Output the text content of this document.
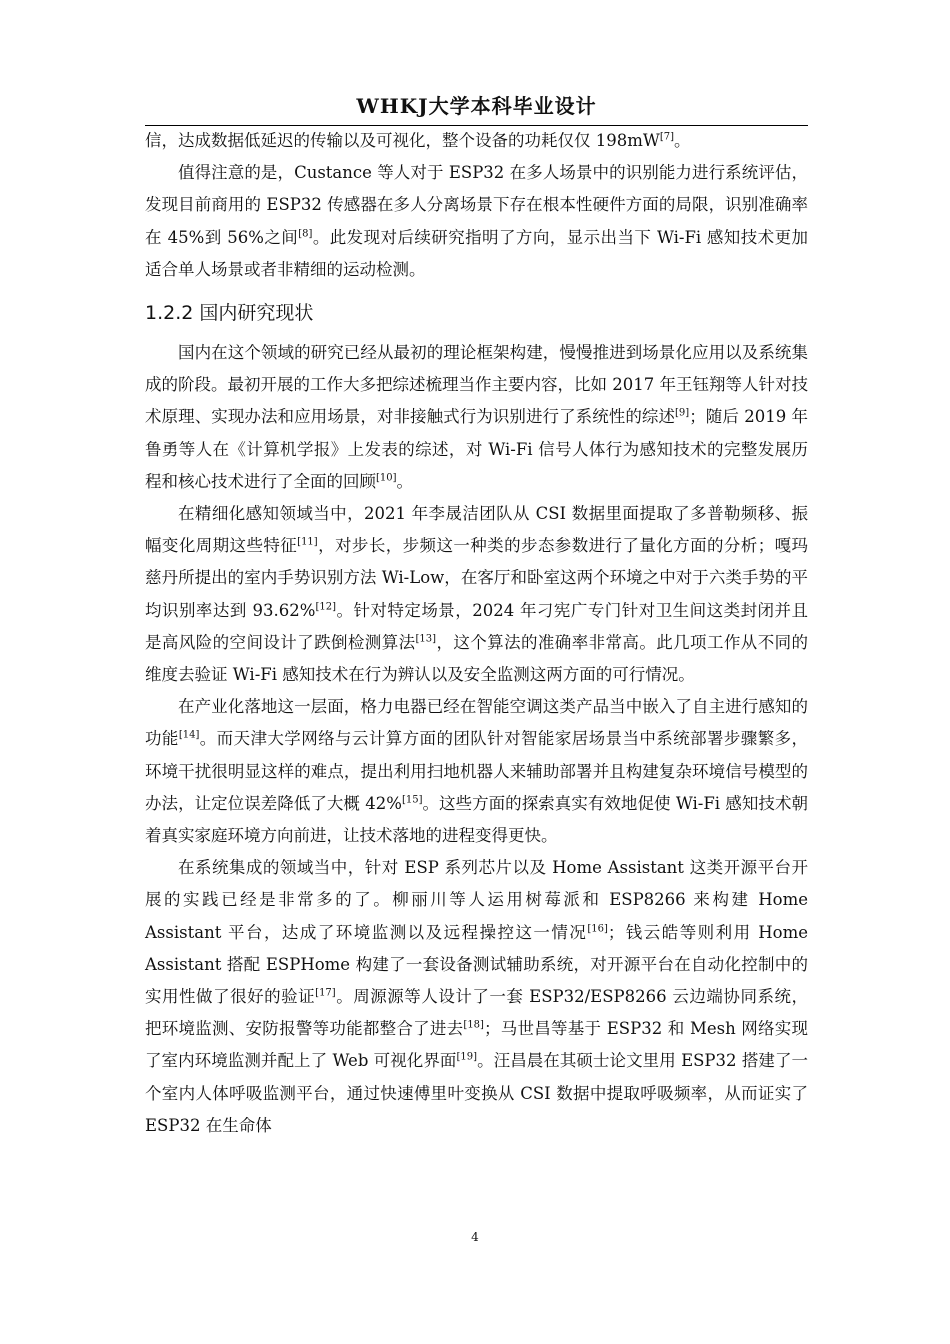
WHKJ大学本科毕业设计

信，达成数据低延迟的传输以及可视化，整个设备的功耗仅仅 198mW[7]。

值得注意的是，Custance 等人对于 ESP32 在多人场景中的识别能力进行系统评估，发现目前商用的 ESP32 传感器在多人分离场景下存在根本性硬件方面的局限，识别准确率在 45%到 56%之间[8]。此发现对后续研究指明了方向，显示出当下 Wi-Fi 感知技术更加适合单人场景或者非精细的运动检测。

1.2.2 国内研究现状

国内在这个领域的研究已经从最初的理论框架构建，慢慢推进到场景化应用以及系统集成的阶段。最初开展的工作大多把综述梳理当作主要内容，比如 2017 年王钰翔等人针对技术原理、实现办法和应用场景，对非接触式行为识别进行了系统性的综述[9]；随后 2019 年鲁勇等人在《计算机学报》上发表的综述，对 Wi-Fi 信号人体行为感知技术的完整发展历程和核心技术进行了全面的回顾[10]。

在精细化感知领域当中，2021 年李晟洁团队从 CSI 数据里面提取了多普勒频移、振幅变化周期这些特征[11]，对步长，步频这一种类的步态参数进行了量化方面的分析；嘎玛慈丹所提出的室内手势识别方法 Wi-Low，在客厅和卧室这两个环境之中对于六类手势的平均识别率达到 93.62%[12]。针对特定场景，2024 年刁宪广专门针对卫生间这类封闭并且是高风险的空间设计了跌倒检测算法[13]，这个算法的准确率非常高。此几项工作从不同的维度去验证 Wi-Fi 感知技术在行为辨认以及安全监测这两方面的可行情况。

在产业化落地这一层面，格力电器已经在智能空调这类产品当中嵌入了自主进行感知的功能[14]。而天津大学网络与云计算方面的团队针对智能家居场景当中系统部署步骤繁多，环境干扰很明显这样的难点，提出利用扫地机器人来辅助部署并且构建复杂环境信号模型的办法，让定位误差降低了大概 42%[15]。这些方面的探索真实有效地促使 Wi-Fi 感知技术朝着真实家庭环境方向前进，让技术落地的进程变得更快。

在系统集成的领域当中，针对 ESP 系列芯片以及 Home Assistant 这类开源平台开展的实践已经是非常多的了。柳丽川等人运用树莓派和 ESP8266 来构建 Home Assistant 平台，达成了环境监测以及远程操控这一情况[16]；钱云皓等则利用 Home Assistant 搭配 ESPHome 构建了一套设备测试辅助系统，对开源平台在自动化控制中的实用性做了很好的验证[17]。周源源等人设计了一套 ESP32/ESP8266 云边端协同系统，把环境监测、安防报警等功能都整合了进去[18]；马世昌等基于 ESP32 和 Mesh 网络实现了室内环境监测并配上了 Web 可视化界面[19]。汪昌晨在其硕士论文里用 ESP32 搭建了一个室内人体呼吸监测平台，通过快速傅里叶变换从 CSI 数据中提取呼吸频率，从而证实了 ESP32 在生命体

4
